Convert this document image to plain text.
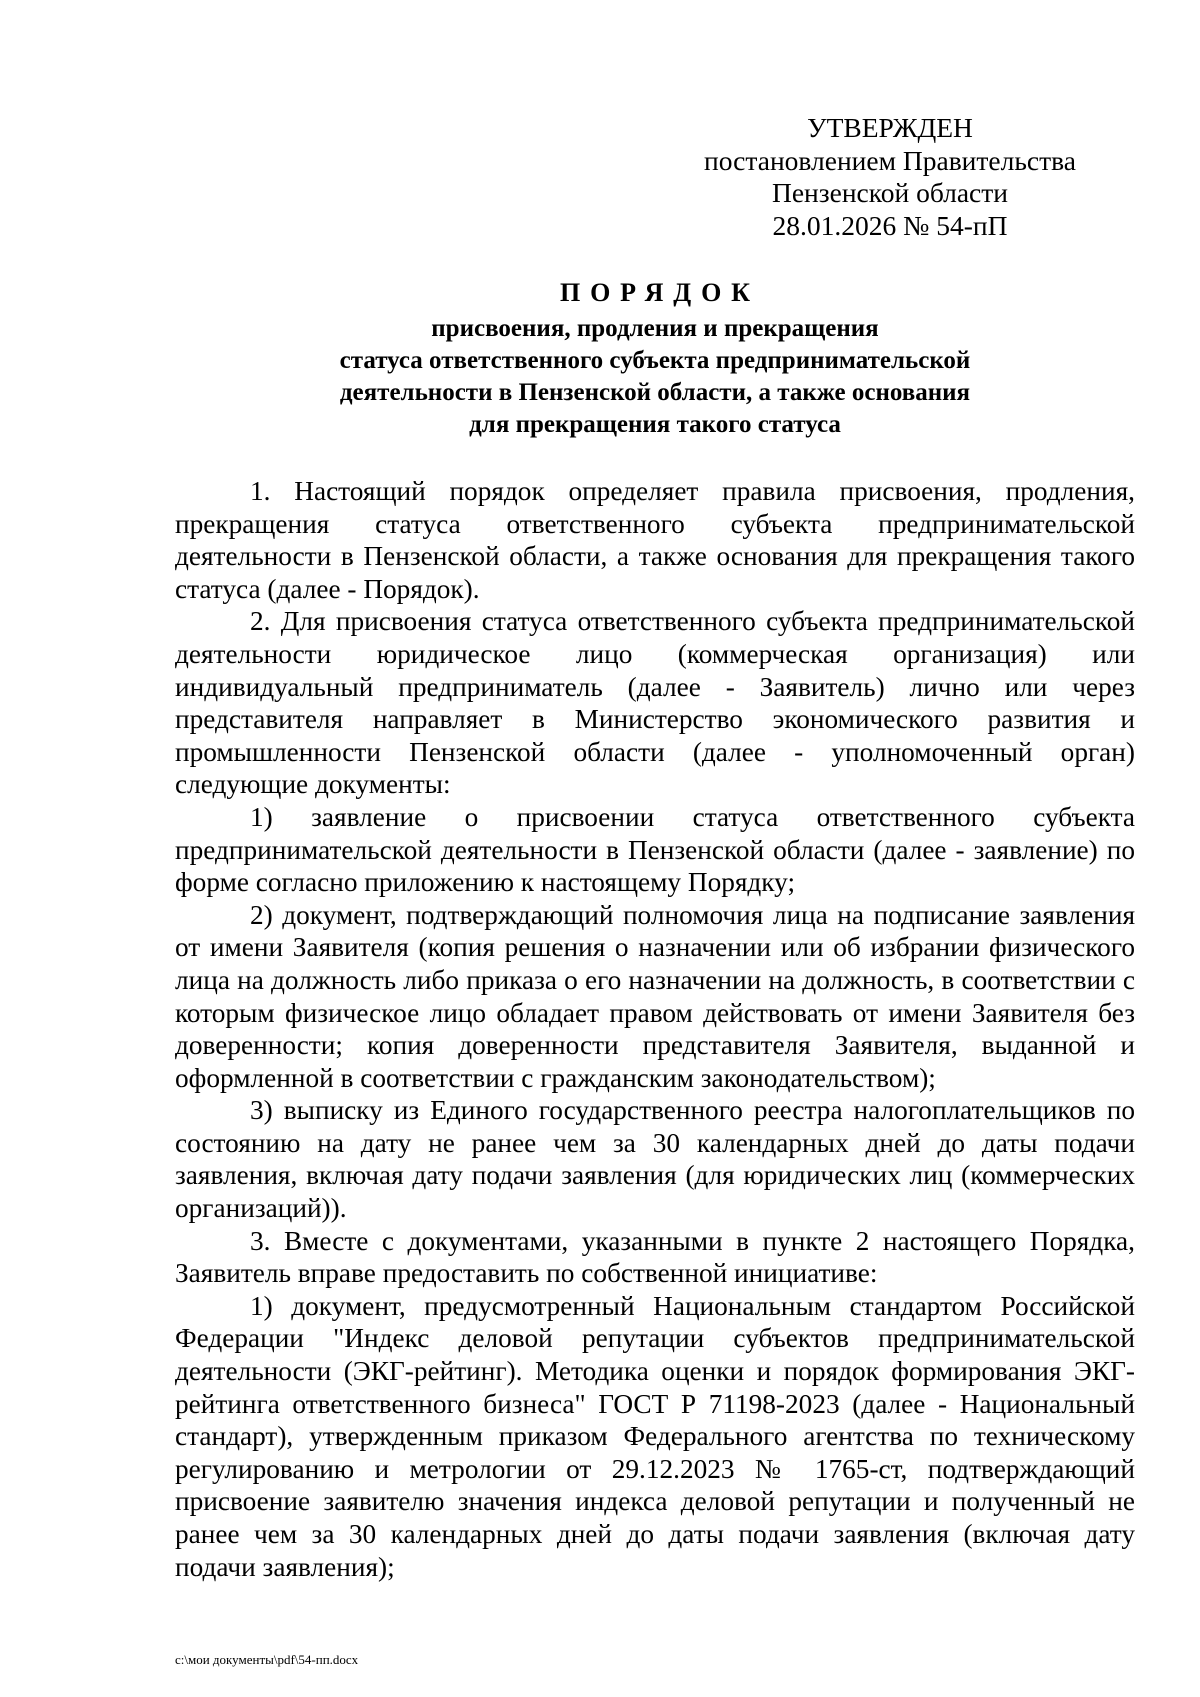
УТВЕРЖДЕН
постановлением Правительства
Пензенской области
28.01.2026 № 54-пП
ПОРЯДОК
присвоения, продления и прекращения
статуса ответственного субъекта предпринимательской
деятельности в Пензенской области, а также основания
для прекращения такого статуса

1. Настоящий порядок определяет правила присвоения, продления, прекращения статуса ответственного субъекта предпринимательской деятельности в Пензенской области, а также основания для прекращения такого статуса (далее - Порядок).

2. Для присвоения статуса ответственного субъекта предпринимательской деятельности юридическое лицо (коммерческая организация) или индивидуальный предприниматель (далее - Заявитель) лично или через представителя направляет в Министерство экономического развития и промышленности Пензенской области (далее - уполномоченный орган) следующие документы:

1) заявление о присвоении статуса ответственного субъекта предпринимательской деятельности в Пензенской области (далее - заявление) по форме согласно приложению к настоящему Порядку;

2) документ, подтверждающий полномочия лица на подписание заявления от имени Заявителя (копия решения о назначении или об избрании физического лица на должность либо приказа о его назначении на должность, в соответствии с которым физическое лицо обладает правом действовать от имени Заявителя без доверенности; копия доверенности представителя Заявителя, выданной и оформленной в соответствии с гражданским законодательством);

3) выписку из Единого государственного реестра налогоплательщиков по состоянию на дату не ранее чем за 30 календарных дней до даты подачи заявления, включая дату подачи заявления (для юридических лиц (коммерческих организаций)).

3. Вместе с документами, указанными в пункте 2 настоящего Порядка, Заявитель вправе предоставить по собственной инициативе:

1) документ, предусмотренный Национальным стандартом Российской Федерации "Индекс деловой репутации субъектов предпринимательской деятельности (ЭКГ-рейтинг). Методика оценки и порядок формирования ЭКГ-рейтинга ответственного бизнеса" ГОСТ Р 71198-2023 (далее - Национальный стандарт), утвержденным приказом Федерального агентства по техническому регулированию и метрологии от 29.12.2023 № 1765-ст, подтверждающий присвоение заявителю значения индекса деловой репутации и полученный не ранее чем за 30 календарных дней до даты подачи заявления (включая дату подачи заявления);

c:\мои документы\pdf\54-пп.docx
